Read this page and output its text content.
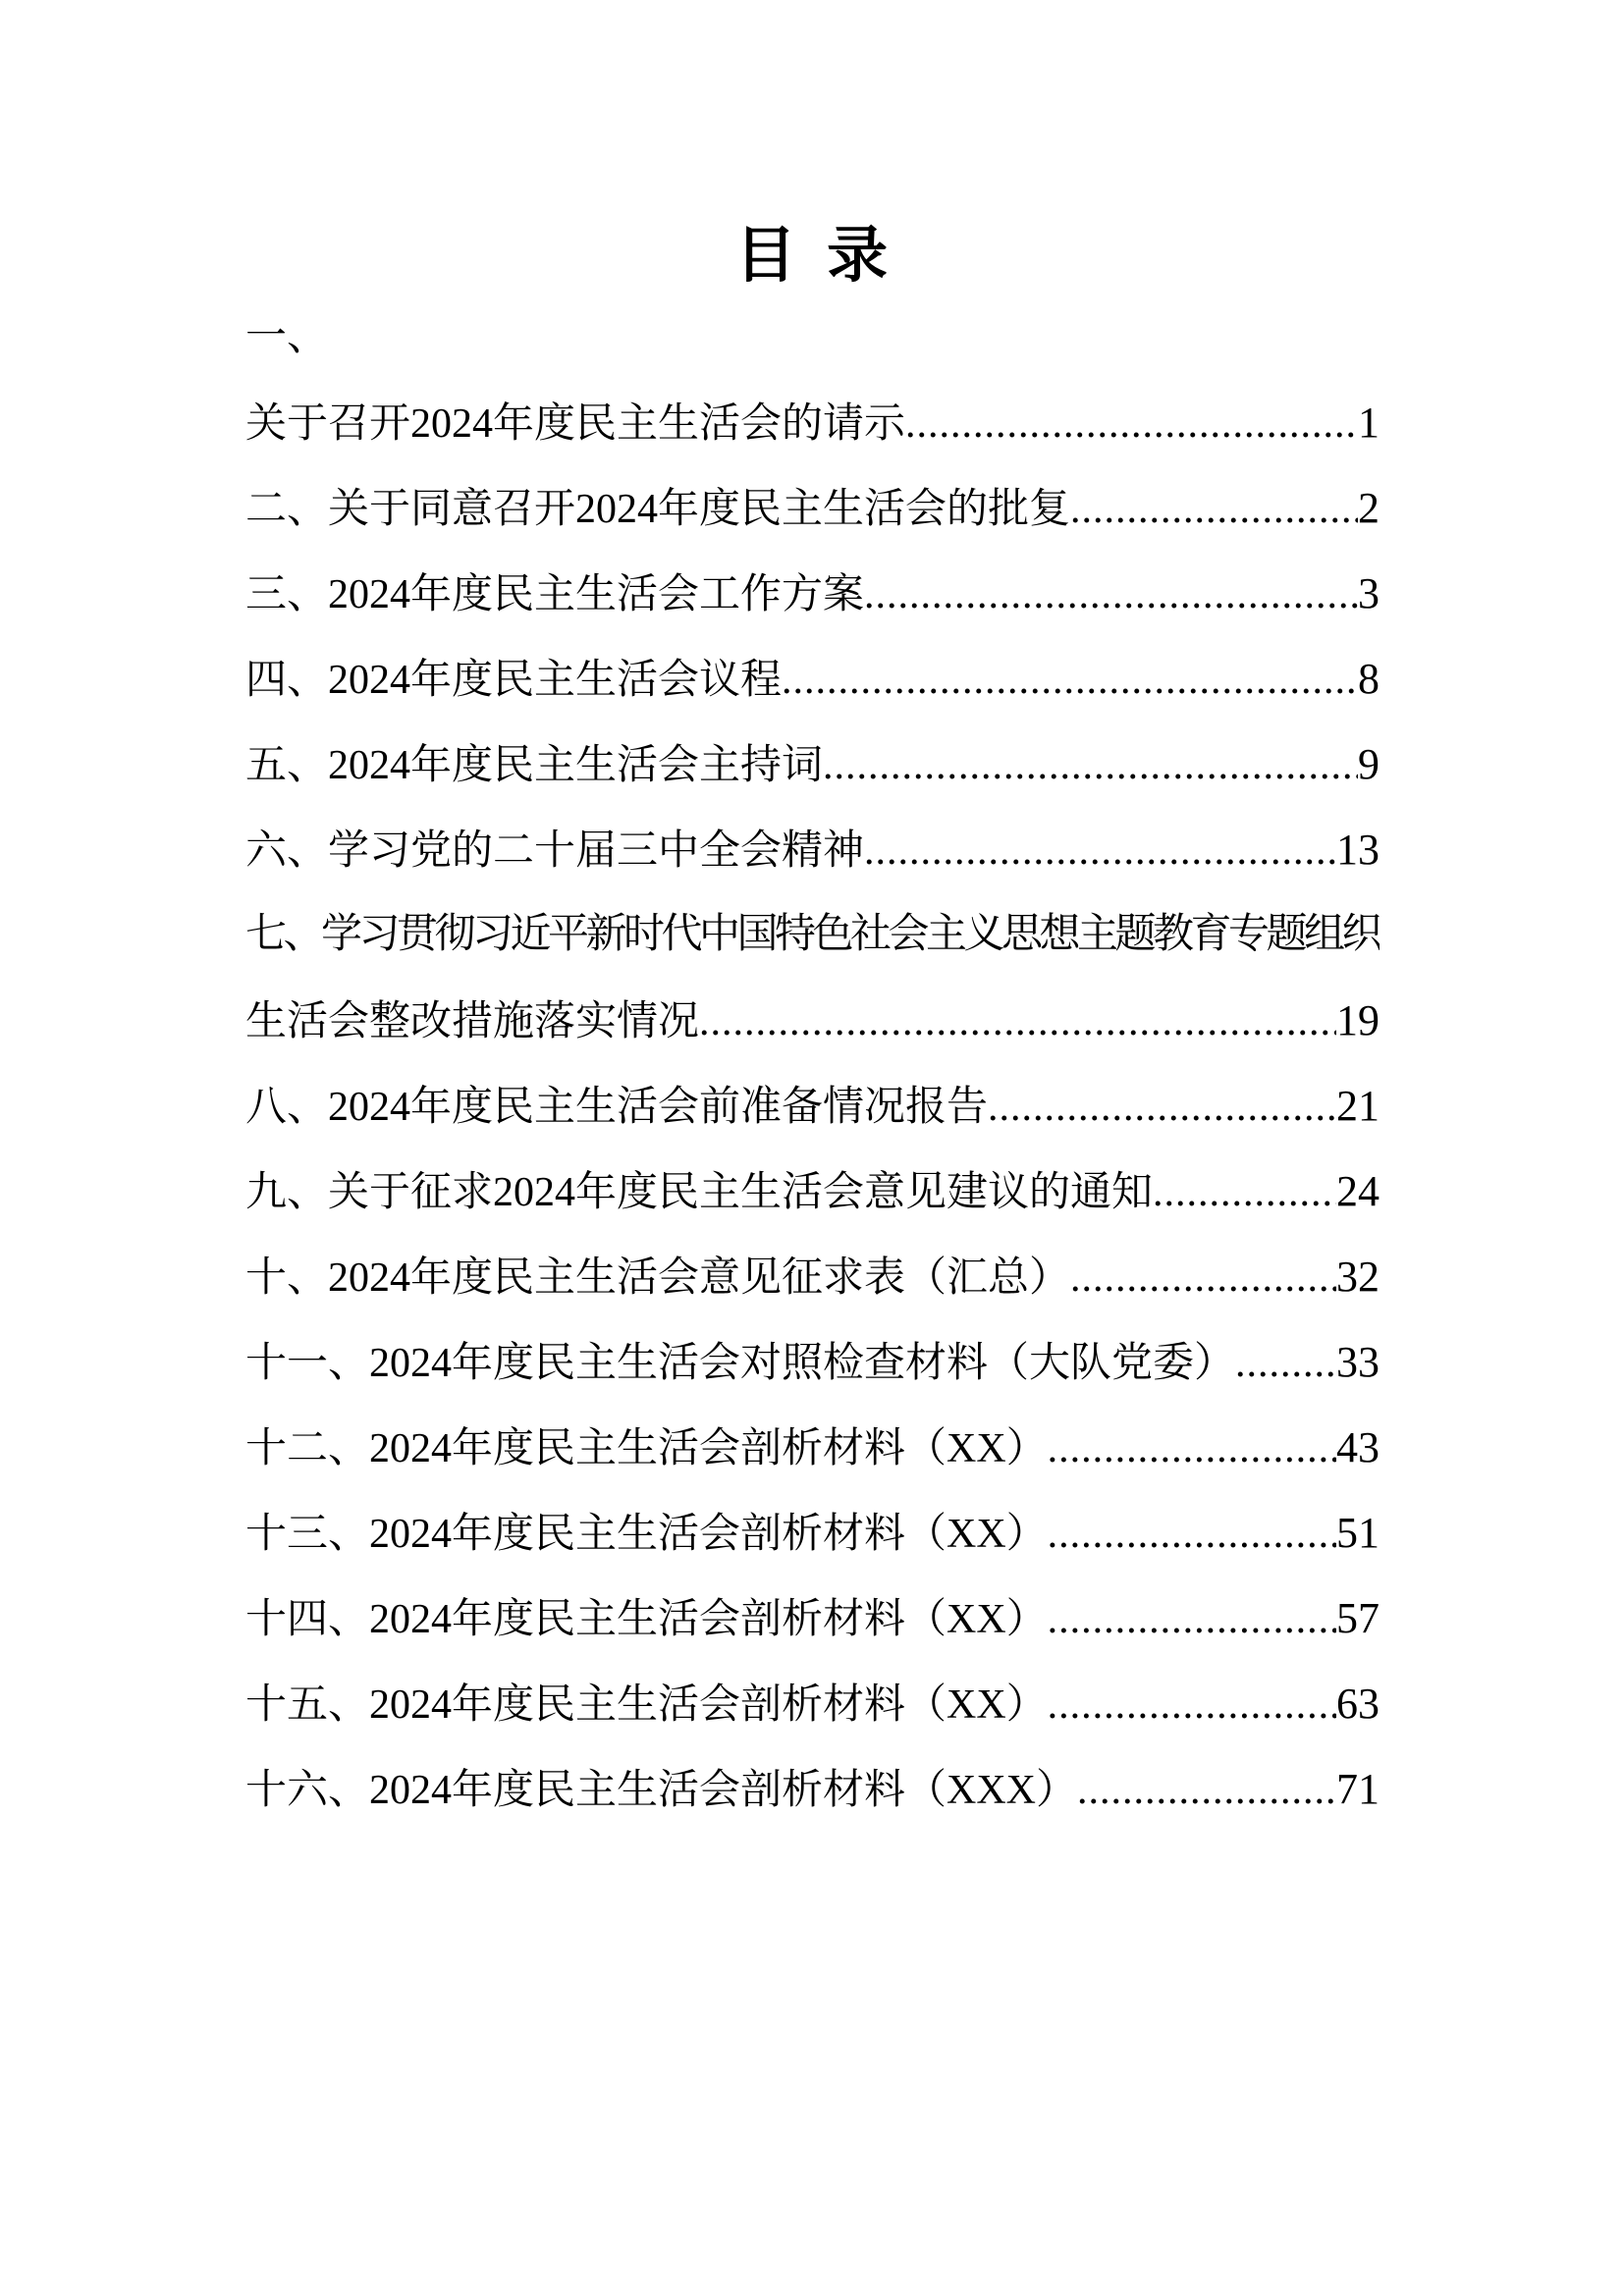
目 录
一、
关于召开2024年度民主生活会的请示 .....	1
二、关于同意召开2024年度民主生活会的批复 .....	2
三、2024年度民主生活会工作方案 .....	3
四、2024年度民主生活会议程 .....	8
五、2024年度民主生活会主持词 .....	9
六、学习党的二十届三中全会精神 .....	13
七、学习贯彻习近平新时代中国特色社会主义思想主题教育专题组织
生活会整改措施落实情况 .....	19
八、2024年度民主生活会前准备情况报告 .....	21
九、关于征求2024年度民主生活会意见建议的通知 .....	24
十、2024年度民主生活会意见征求表（汇总） .....	32
十一、2024年度民主生活会对照检查材料（大队党委） ..... 33
十二、2024年度民主生活会剖析材料（XX） .....	43
十三、2024年度民主生活会剖析材料（XX） .....	51
十四、2024年度民主生活会剖析材料（XX） .....	57
十五、2024年度民主生活会剖析材料（XX） .....	63
十六、2024年度民主生活会剖析材料（XXX） .....	71
